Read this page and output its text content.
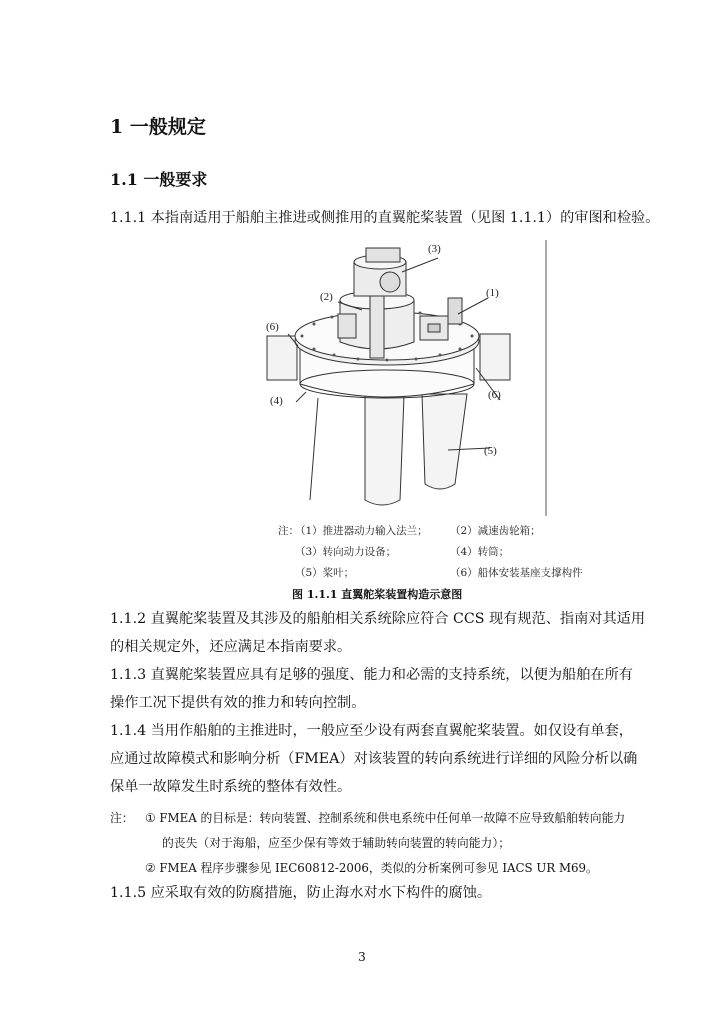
1 一般规定
1.1 一般要求
1.1.1 本指南适用于船舶主推进或侧推用的直翼舵桨装置（见图 1.1.1）的审图和检验。
(3)
(2)	(1)
(6)
(6)
(4)
(5)
注：
（1）推进器动力输入法兰； （2）减速齿轮箱；
（3）转向动力设备；	（4）转筒；
（5）桨叶；	（6）船体安装基座支撑构件
图 1.1.1 直翼舵桨装置构造示意图
1.1.2 直翼舵桨装置及其涉及的船舶相关系统除应符合 CCS 现有规范、指南对其适用
的相关规定外，还应满足本指南要求。
1.1.3 直翼舵桨装置应具有足够的强度、能力和必需的支持系统，以便为船舶在所有
操作工况下提供有效的推力和转向控制。
1.1.4 当用作船舶的主推进时，一般应至少设有两套直翼舵桨装置。如仅设有单套，
应通过故障模式和影响分析（FMEA）对该装置的转向系统进行详细的风险分析以确
保单一故障发生时系统的整体有效性。
注： ① FMEA 的目标是：转向装置、控制系统和供电系统中任何单一故障不应导致船舶转向能力
的丧失（对于海船，应至少保有等效于辅助转向装置的转向能力）；
② FMEA 程序步骤参见 IEC60812-2006，类似的分析案例可参见 IACS UR M69。
1.1.5 应采取有效的防腐措施，防止海水对水下构件的腐蚀。
3
